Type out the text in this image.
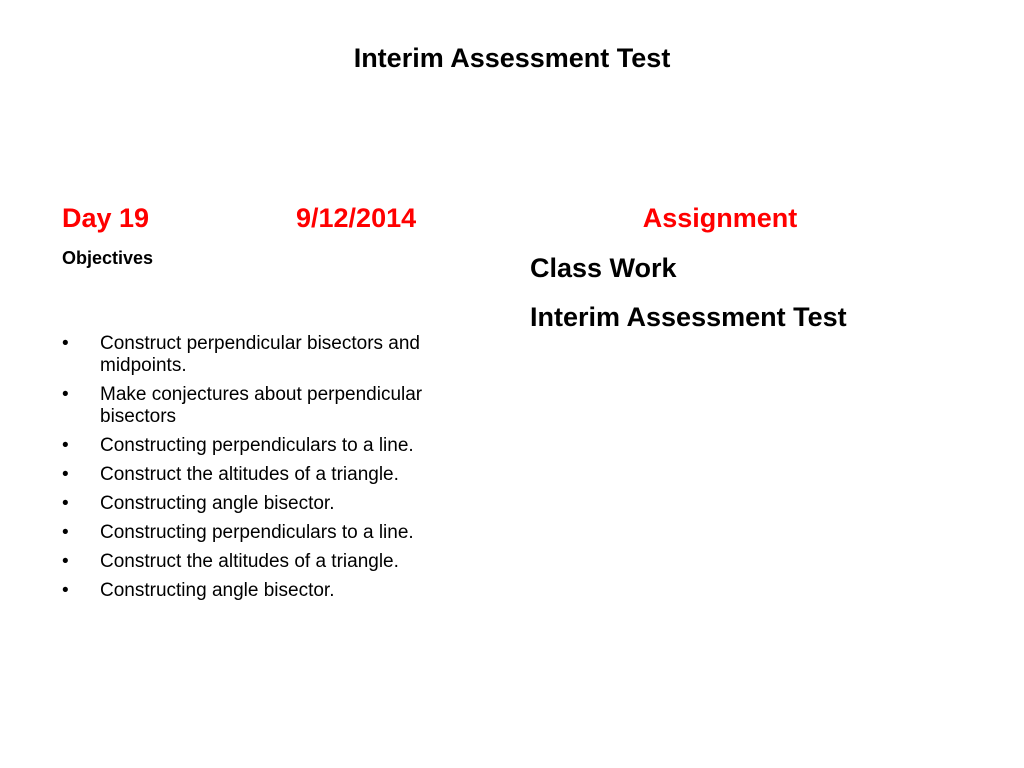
Interim Assessment Test
Day 19	9/12/2014	Assignment
Objectives
• Construct perpendicular bisectors and midpoints.
• Make conjectures about perpendicular bisectors
• Constructing perpendiculars to a line.
• Construct the altitudes of a triangle.
• Constructing angle bisector.
• Constructing perpendiculars to a line.
• Construct the altitudes of a triangle.
• Constructing angle bisector.
Class Work
Interim Assessment Test
